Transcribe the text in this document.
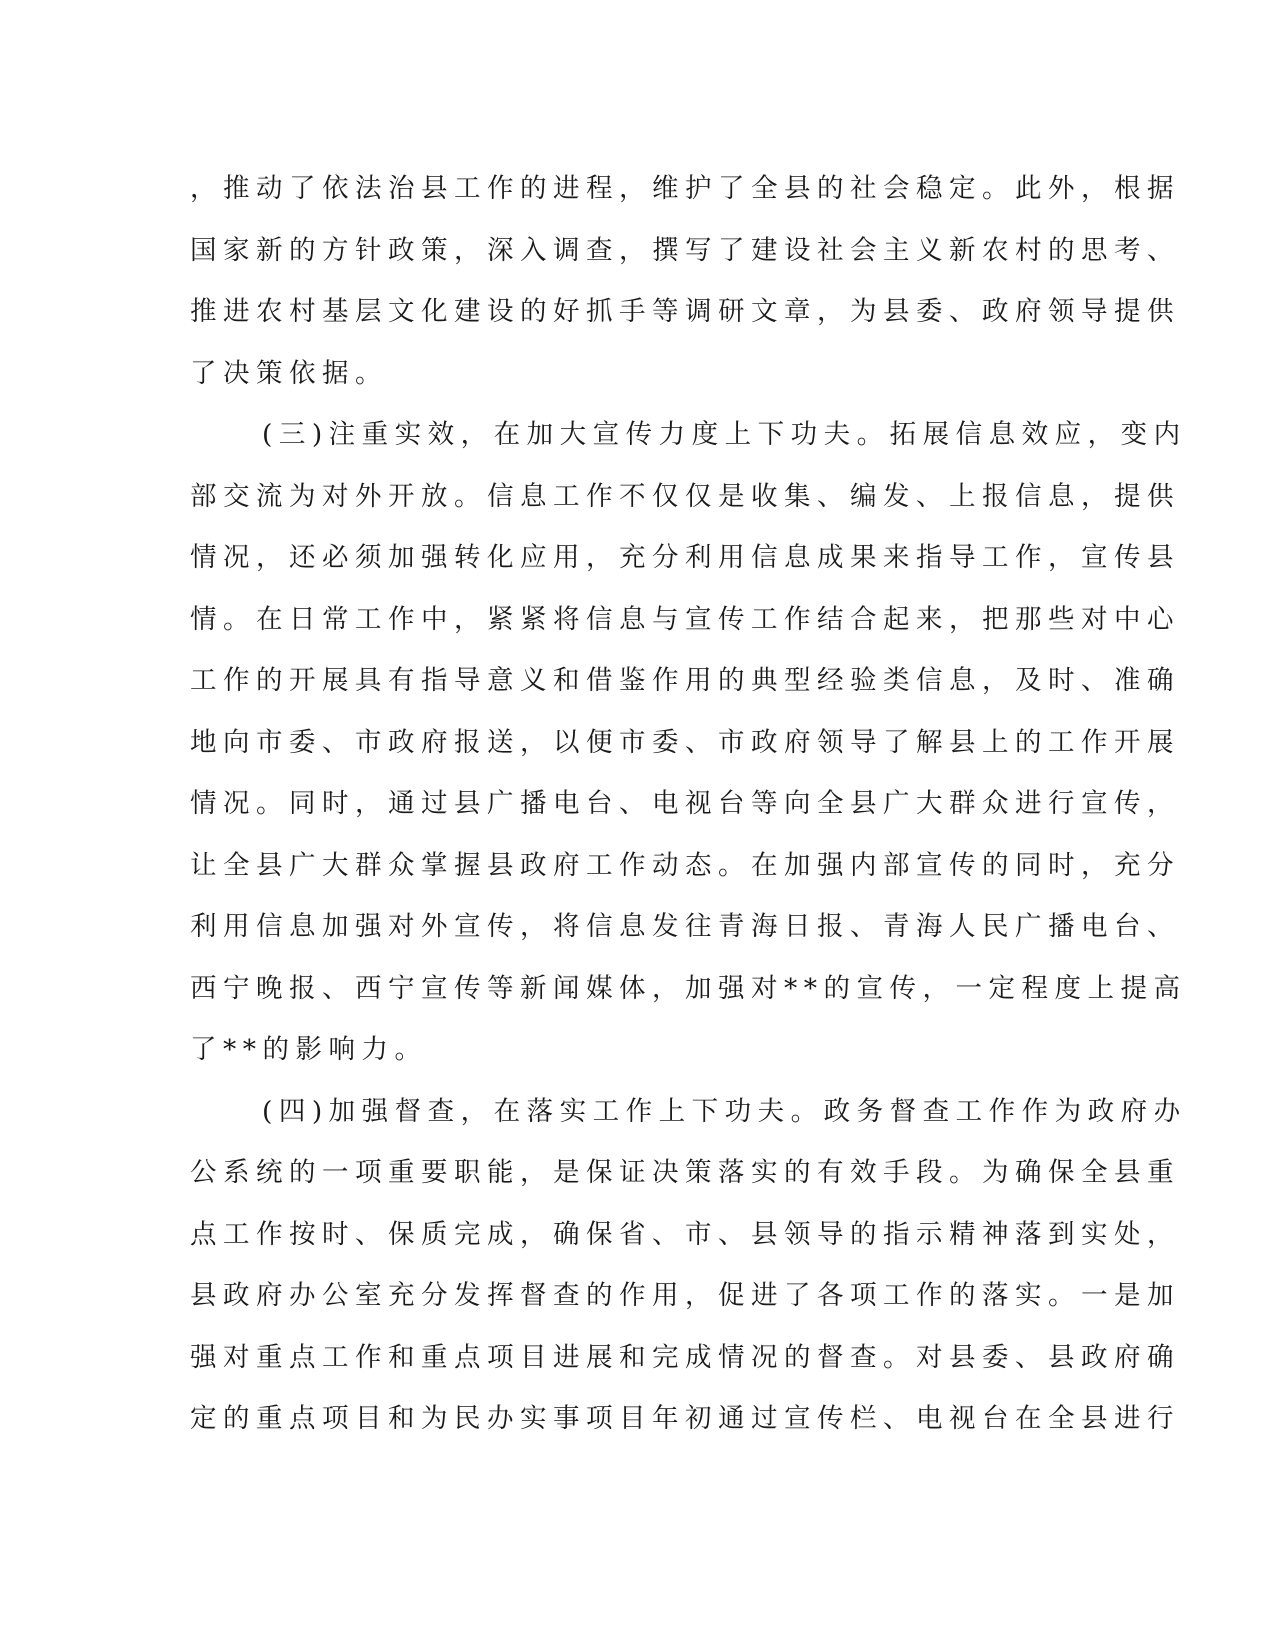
，推动了依法治县工作的进程，维护了全县的社会稳定。此外，根据
国家新的方针政策，深入调查，撰写了建设社会主义新农村的思考、
推进农村基层文化建设的好抓手等调研文章，为县委、政府领导提供
了决策依据。
(三)注重实效，在加大宣传力度上下功夫。拓展信息效应，变内
部交流为对外开放。信息工作不仅仅是收集、编发、上报信息，提供
情况，还必须加强转化应用，充分利用信息成果来指导工作，宣传县
情。在日常工作中，紧紧将信息与宣传工作结合起来，把那些对中心
工作的开展具有指导意义和借鉴作用的典型经验类信息，及时、准确
地向市委、市政府报送，以便市委、市政府领导了解县上的工作开展
情况。同时，通过县广播电台、电视台等向全县广大群众进行宣传，
让全县广大群众掌握县政府工作动态。在加强内部宣传的同时，充分
利用信息加强对外宣传，将信息发往青海日报、青海人民广播电台、
西宁晚报、西宁宣传等新闻媒体，加强对**的宣传，一定程度上提高
了**的影响力。
(四)加强督查，在落实工作上下功夫。政务督查工作作为政府办
公系统的一项重要职能，是保证决策落实的有效手段。为确保全县重
点工作按时、保质完成，确保省、市、县领导的指示精神落到实处，
县政府办公室充分发挥督查的作用，促进了各项工作的落实。一是加
强对重点工作和重点项目进展和完成情况的督查。对县委、县政府确
定的重点项目和为民办实事项目年初通过宣传栏、电视台在全县进行
